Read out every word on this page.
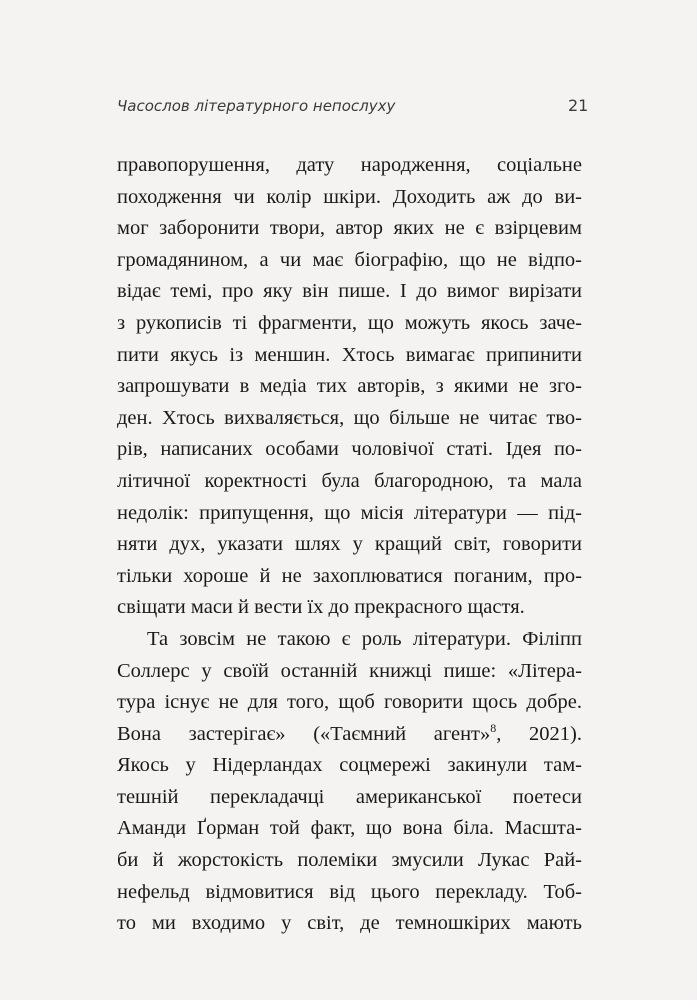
Часослов літературного непослуху	21
правопорушення, дату народження, соціальне
походження чи колір шкіри. Доходить аж до ви-
мог заборонити твори, автор яких не є взірцевим
громадянином, а чи має біографію, що не відпо-
відає темі, про яку він пише. І до вимог вирізати
з рукописів ті фрагменти, що можуть якось заче-
пити якусь із меншин. Хтось вимагає припинити
запрошувати в медіа тих авторів, з якими не зго-
ден. Хтось вихваляється, що більше не читає тво-
рів, написаних особами чоловічої статі. Ідея по-
літичної коректності була благородною, та мала
недолік: припущення, що місія літератури — під-
няти дух, указати шлях у кращий світ, говорити
тільки хороше й не захоплюватися поганим, про-
свіщати маси й вести їх до прекрасного щастя.
Та зовсім не такою є роль літератури. Філіпп
Соллерс у своїй останній книжці пише: «Літера-
тура існує не для того, щоб говорити щось добре.
Вона застерігає» («Таємний агент»$^8$, 2021).
Якось у Нідерландах соцмережі закинули там-
тешній перекладачці американської поетеси
Аманди Ґорман той факт, що вона біла. Масшта-
би й жорстокість полеміки змусили Лукас Рай-
нефельд відмовитися від цього перекладу. Тоб-
то ми входимо у світ, де темношкірих мають
